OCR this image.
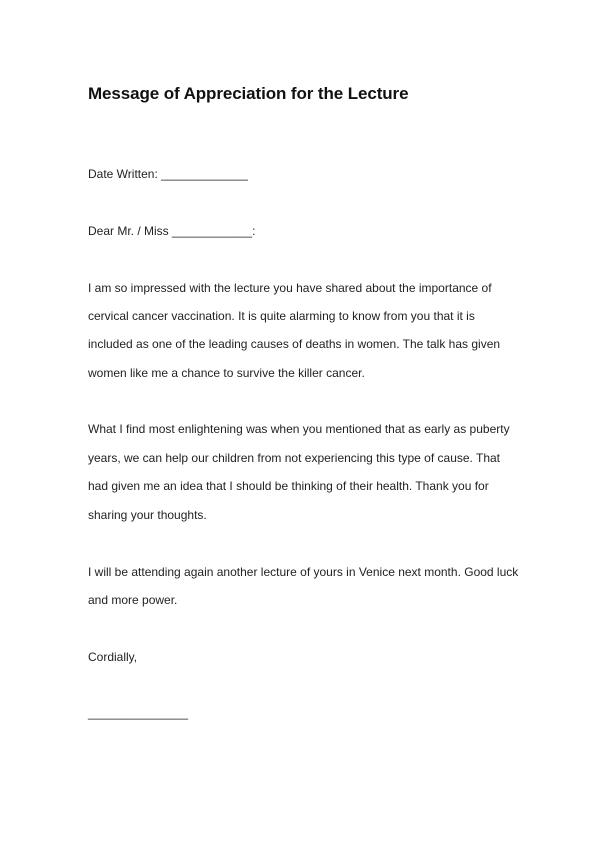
Message of Appreciation for the Lecture
Date Written: _____________
Dear Mr. / Miss ____________:
I am so impressed with the lecture you have shared about the importance of
cervical cancer vaccination. It is quite alarming to know from you that it is
included as one of the leading causes of deaths in women. The talk has given
women like me a chance to survive the killer cancer.
What I find most enlightening was when you mentioned that as early as puberty
years, we can help our children from not experiencing this type of cause. That
had given me an idea that I should be thinking of their health. Thank you for
sharing your thoughts.
I will be attending again another lecture of yours in Venice next month. Good luck
and more power.
Cordially,
_______________
